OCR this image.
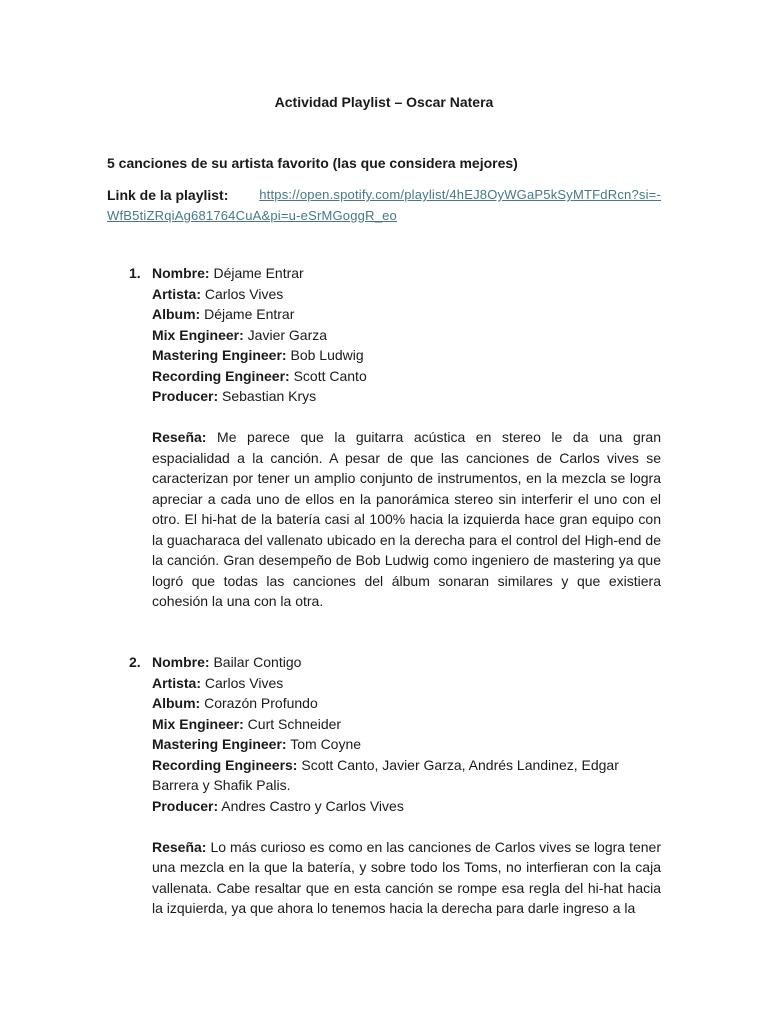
Actividad Playlist – Oscar Natera
5 canciones de su artista favorito (las que considera mejores)
Link de la playlist: https://open.spotify.com/playlist/4hEJ8OyWGaP5kSyMTFdRcn?si=-
WfB5tiZRqiAg681764CuA&pi=u-eSrMGoggR_eo
1. Nombre: Déjame Entrar

Artista: Carlos Vives

Album: Déjame Entrar

Mix Engineer: Javier Garza

Mastering Engineer: Bob Ludwig

Recording Engineer: Scott Canto

Producer: Sebastian Krys

Reseña: Me parece que la guitarra acústica en stereo le da una gran espacialidad a la canción. A pesar de que las canciones de Carlos vives se caracterizan por tener un amplio conjunto de instrumentos, en la mezcla se logra apreciar a cada uno de ellos en la panorámica stereo sin interferir el uno con el otro. El hi-hat de la batería casi al 100% hacia la izquierda hace gran equipo con la guacharaca del vallenato ubicado en la derecha para el control del High-end de la canción. Gran desempeño de Bob Ludwig como ingeniero de mastering ya que logró que todas las canciones del álbum sonaran similares y que existiera cohesión la una con la otra.

2. Nombre: Bailar Contigo

Artista: Carlos Vives

Album: Corazón Profundo

Mix Engineer: Curt Schneider

Mastering Engineer: Tom Coyne

Recording Engineers: Scott Canto, Javier Garza, Andrés Landinez, Edgar Barrera y Shafik Palis.

Producer: Andres Castro y Carlos Vives

Reseña: Lo más curioso es como en las canciones de Carlos vives se logra tener una mezcla en la que la batería, y sobre todo los Toms, no interfieran con la caja vallenata. Cabe resaltar que en esta canción se rompe esa regla del hi-hat hacia la izquierda, ya que ahora lo tenemos hacia la derecha para darle ingreso a la
